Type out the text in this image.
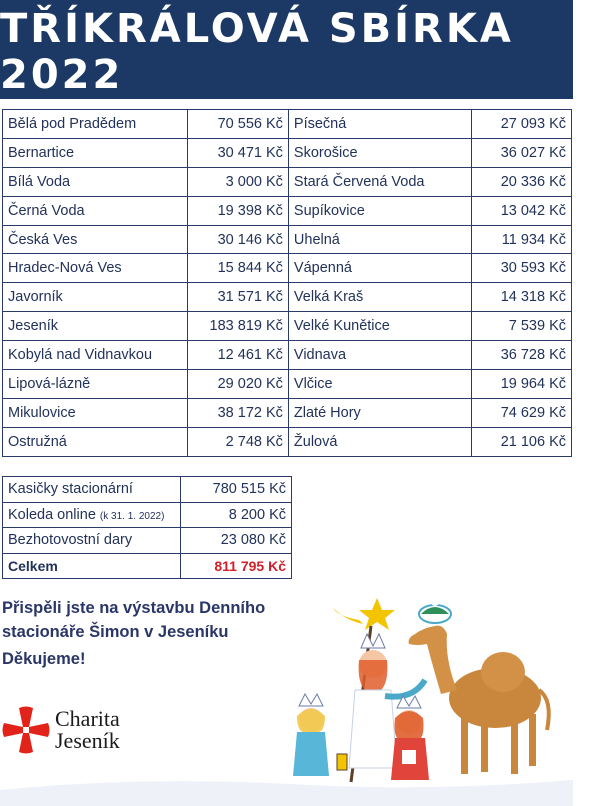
TŘÍKRÁLOVÁ SBÍRKA 2022
Bělá pod Pradědem	70 556 Kč	Písečná	27 093 Kč
Bernartice	30 471 Kč	Skorošice	36 027 Kč
Bílá Voda	3 000 Kč	Stará Červená Voda	20 336 Kč
Černá Voda	19 398 Kč	Supíkovice	13 042 Kč
Česká Ves	30 146 Kč	Uhelná	11 934 Kč
Hradec-Nová Ves	15 844 Kč	Vápenná	30 593 Kč
Javorník	31 571 Kč	Velká Kraš	14 318 Kč
Jeseník	183 819 Kč	Velké Kunětice	7 539 Kč
Kobylá nad Vidnavkou	12 461 Kč	Vidnava	36 728 Kč
Lipová-lázně	29 020 Kč	Vlčice	19 964 Kč
Mikulovice	38 172 Kč	Zlaté Hory	74 629 Kč
Ostružná	2 748 Kč	Žulová	21 106 Kč
Kasičky stacionární	780 515 Kč
Koleda online (k 31. 1. 2022)	8 200 Kč
Bezhotovostní dary	23 080 Kč
Celkem	811 795 Kč
Přispěli jste na výstavbu Denního stacionáře Šimon v Jeseníku
Děkujeme!
Charita
Jeseník
